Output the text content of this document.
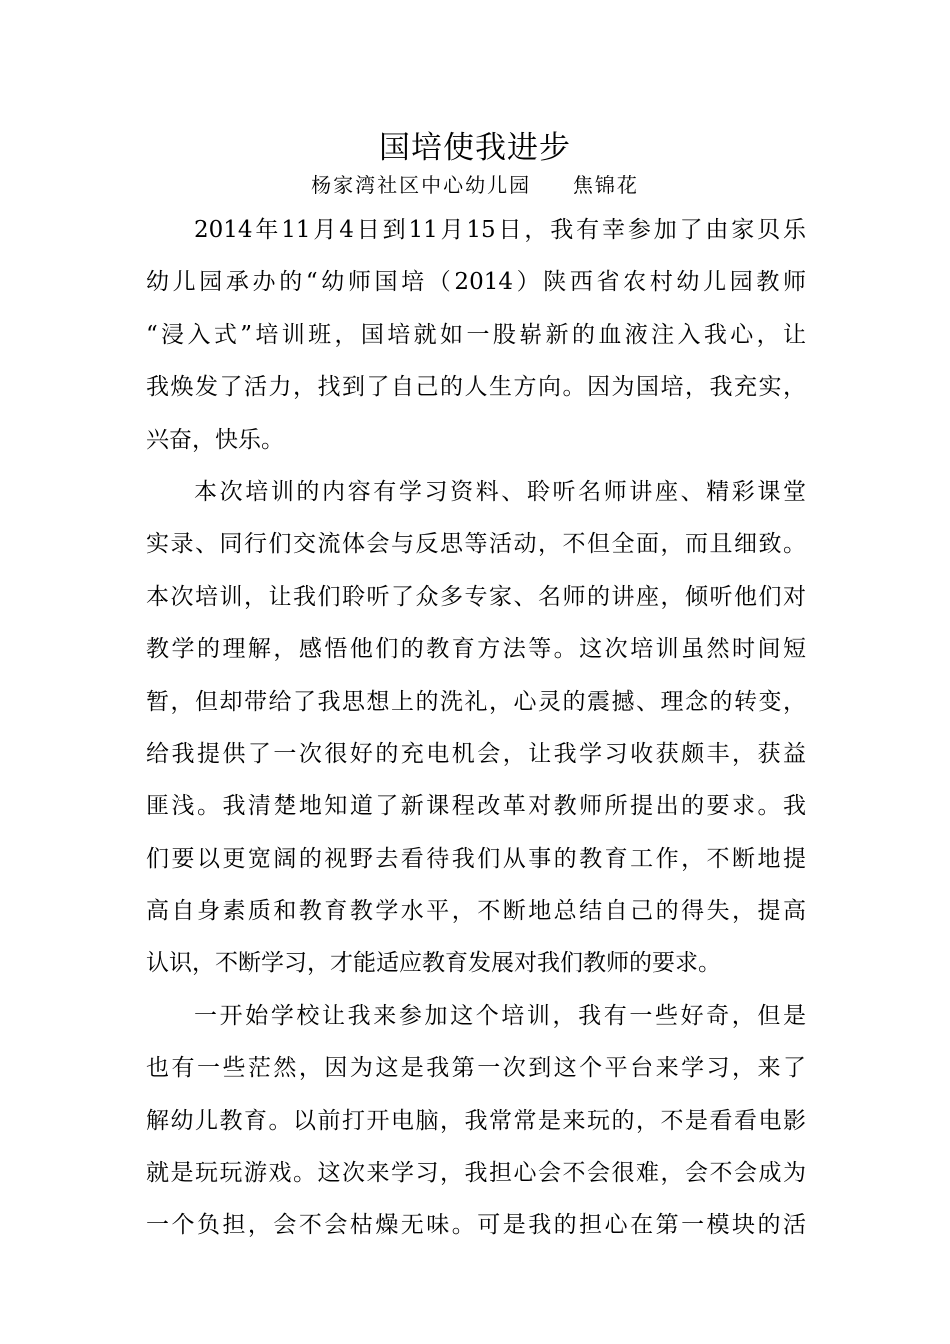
国培使我进步
杨家湾社区中心幼儿园     焦锦花
2014年11月4日到11月15日，我有幸参加了由家贝乐
幼儿园承办的“幼师国培（2014）陕西省农村幼儿园教师
“浸入式”培训班，国培就如一股崭新的血液注入我心，让
我焕发了活力，找到了自己的人生方向。因为国培，我充实，
兴奋，快乐。
本次培训的内容有学习资料、聆听名师讲座、精彩课堂
实录、同行们交流体会与反思等活动，不但全面，而且细致。
本次培训，让我们聆听了众多专家、名师的讲座，倾听他们对
教学的理解，感悟他们的教育方法等。这次培训虽然时间短
暂，但却带给了我思想上的洗礼，心灵的震撼、理念的转变，
给我提供了一次很好的充电机会，让我学习收获颇丰，获益
匪浅。我清楚地知道了新课程改革对教师所提出的要求。我
们要以更宽阔的视野去看待我们从事的教育工作，不断地提
高自身素质和教育教学水平，不断地总结自己的得失，提高
认识，不断学习，才能适应教育发展对我们教师的要求。
一开始学校让我来参加这个培训，我有一些好奇，但是
也有一些茫然，因为这是我第一次到这个平台来学习，来了
解幼儿教育。以前打开电脑，我常常是来玩的，不是看看电影
就是玩玩游戏。这次来学习，我担心会不会很难，会不会成为
一个负担，会不会枯燥无味。可是我的担心在第一模块的活
